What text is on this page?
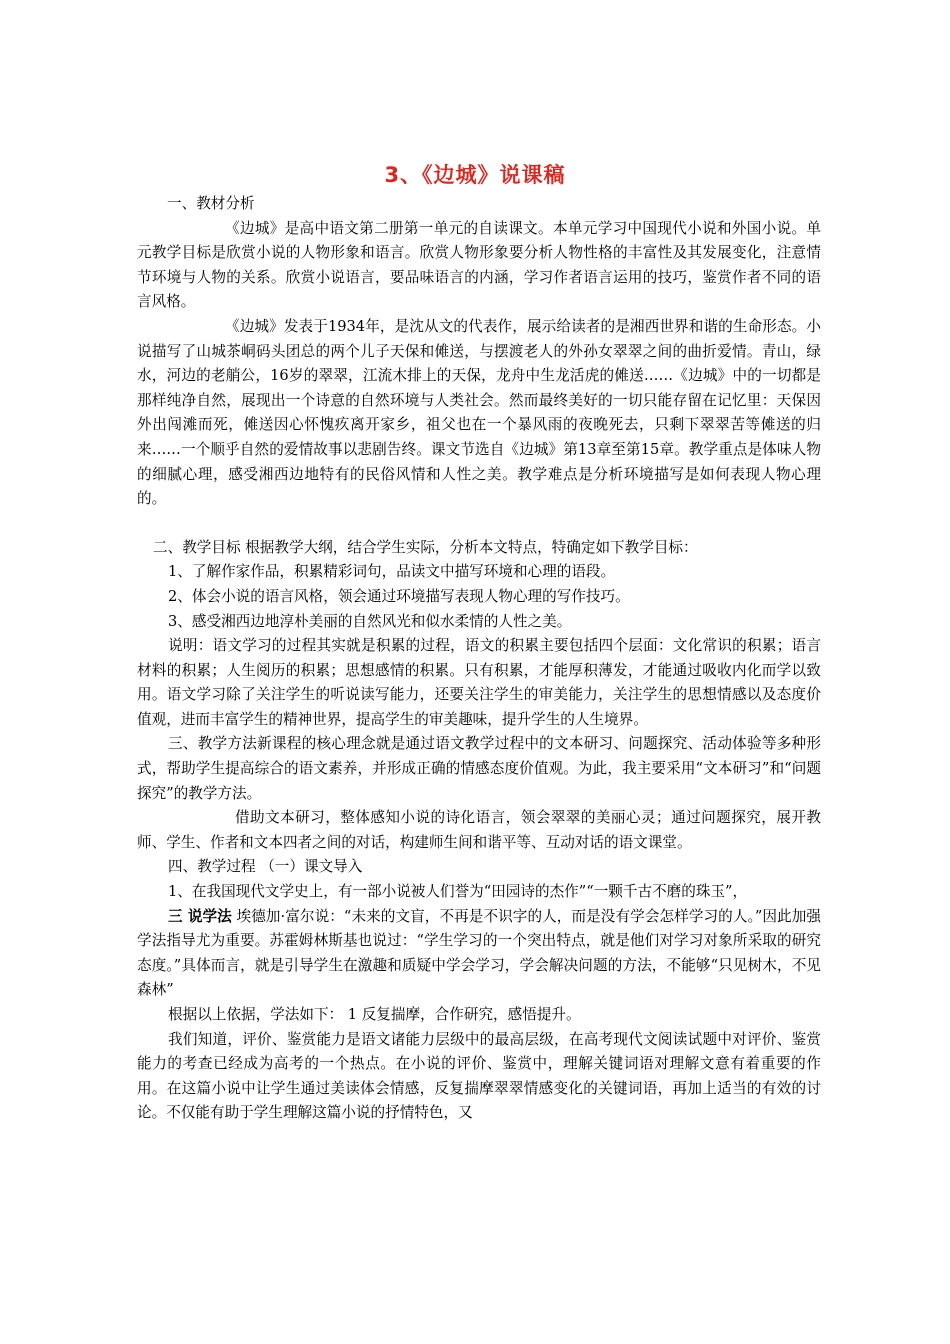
3、《边城》说课稿

一、教材分析

《边城》是高中语文第二册第一单元的自读课文。本单元学习中国现代小说和外国小说。单元教学目标是欣赏小说的人物形象和语言。欣赏人物形象要分析人物性格的丰富性及其发展变化，注意情节环境与人物的关系。欣赏小说语言，要品味语言的内涵，学习作者语言运用的技巧，鉴赏作者不同的语言风格。

《边城》发表于1934年，是沈从文的代表作，展示给读者的是湘西世界和谐的生命形态。小说描写了山城茶峒码头团总的两个儿子天保和傩送，与摆渡老人的外孙女翠翠之间的曲折爱情。青山，绿水，河边的老艄公，16岁的翠翠，江流木排上的天保，龙舟中生龙活虎的傩送……《边城》中的一切都是那样纯净自然，展现出一个诗意的自然环境与人类社会。然而最终美好的一切只能存留在记忆里：天保因外出闯滩而死，傩送因心怀愧疚离开家乡，祖父也在一个暴风雨的夜晚死去，只剩下翠翠苦等傩送的归来……一个顺乎自然的爱情故事以悲剧告终。课文节选自《边城》第13章至第15章。教学重点是体味人物的细腻心理，感受湘西边地特有的民俗风情和人性之美。教学难点是分析环境描写是如何表现人物心理的。

二、教学目标 根据教学大纲，结合学生实际，分析本文特点，特确定如下教学目标：

1、了解作家作品，积累精彩词句，品读文中描写环境和心理的语段。

2、体会小说的语言风格，领会通过环境描写表现人物心理的写作技巧。

3、感受湘西边地淳朴美丽的自然风光和似水柔情的人性之美。

说明：语文学习的过程其实就是积累的过程，语文的积累主要包括四个层面：文化常识的积累；语言材料的积累；人生阅历的积累；思想感情的积累。只有积累，才能厚积薄发，才能通过吸收内化而学以致用。语文学习除了关注学生的听说读写能力，还要关注学生的审美能力，关注学生的思想情感以及态度价值观，进而丰富学生的精神世界，提高学生的审美趣味，提升学生的人生境界。

三、教学方法新课程的核心理念就是通过语文教学过程中的文本研习、问题探究、活动体验等多种形式，帮助学生提高综合的语文素养，并形成正确的情感态度价值观。为此，我主要采用“文本研习”和“问题探究”的教学方法。

借助文本研习，整体感知小说的诗化语言，领会翠翠的美丽心灵；通过问题探究，展开教师、学生、作者和文本四者之间的对话，构建师生间和谐平等、互动对话的语文课堂。

四、教学过程 （一）课文导入

1、在我国现代文学史上，有一部小说被人们誉为“田园诗的杰作”“一颗千古不磨的珠玉”，

三 说学法 埃德加·富尔说：“未来的文盲，不再是不识字的人，而是没有学会怎样学习的人。”因此加强学法指导尤为重要。苏霍姆林斯基也说过：“学生学习的一个突出特点，就是他们对学习对象所采取的研究态度。”具体而言，就是引导学生在激趣和质疑中学会学习，学会解决问题的方法，不能够“只见树木，不见森林”

根据以上依据，学法如下： 1 反复揣摩，合作研究，感悟提升。

我们知道，评价、鉴赏能力是语文诸能力层级中的最高层级，在高考现代文阅读试题中对评价、鉴赏能力的考查已经成为高考的一个热点。在小说的评价、鉴赏中，理解关键词语对理解文意有着重要的作用。在这篇小说中让学生通过美读体会情感，反复揣摩翠翠情感变化的关键词语，再加上适当的有效的讨论。不仅能有助于学生理解这篇小说的抒情特色，又
